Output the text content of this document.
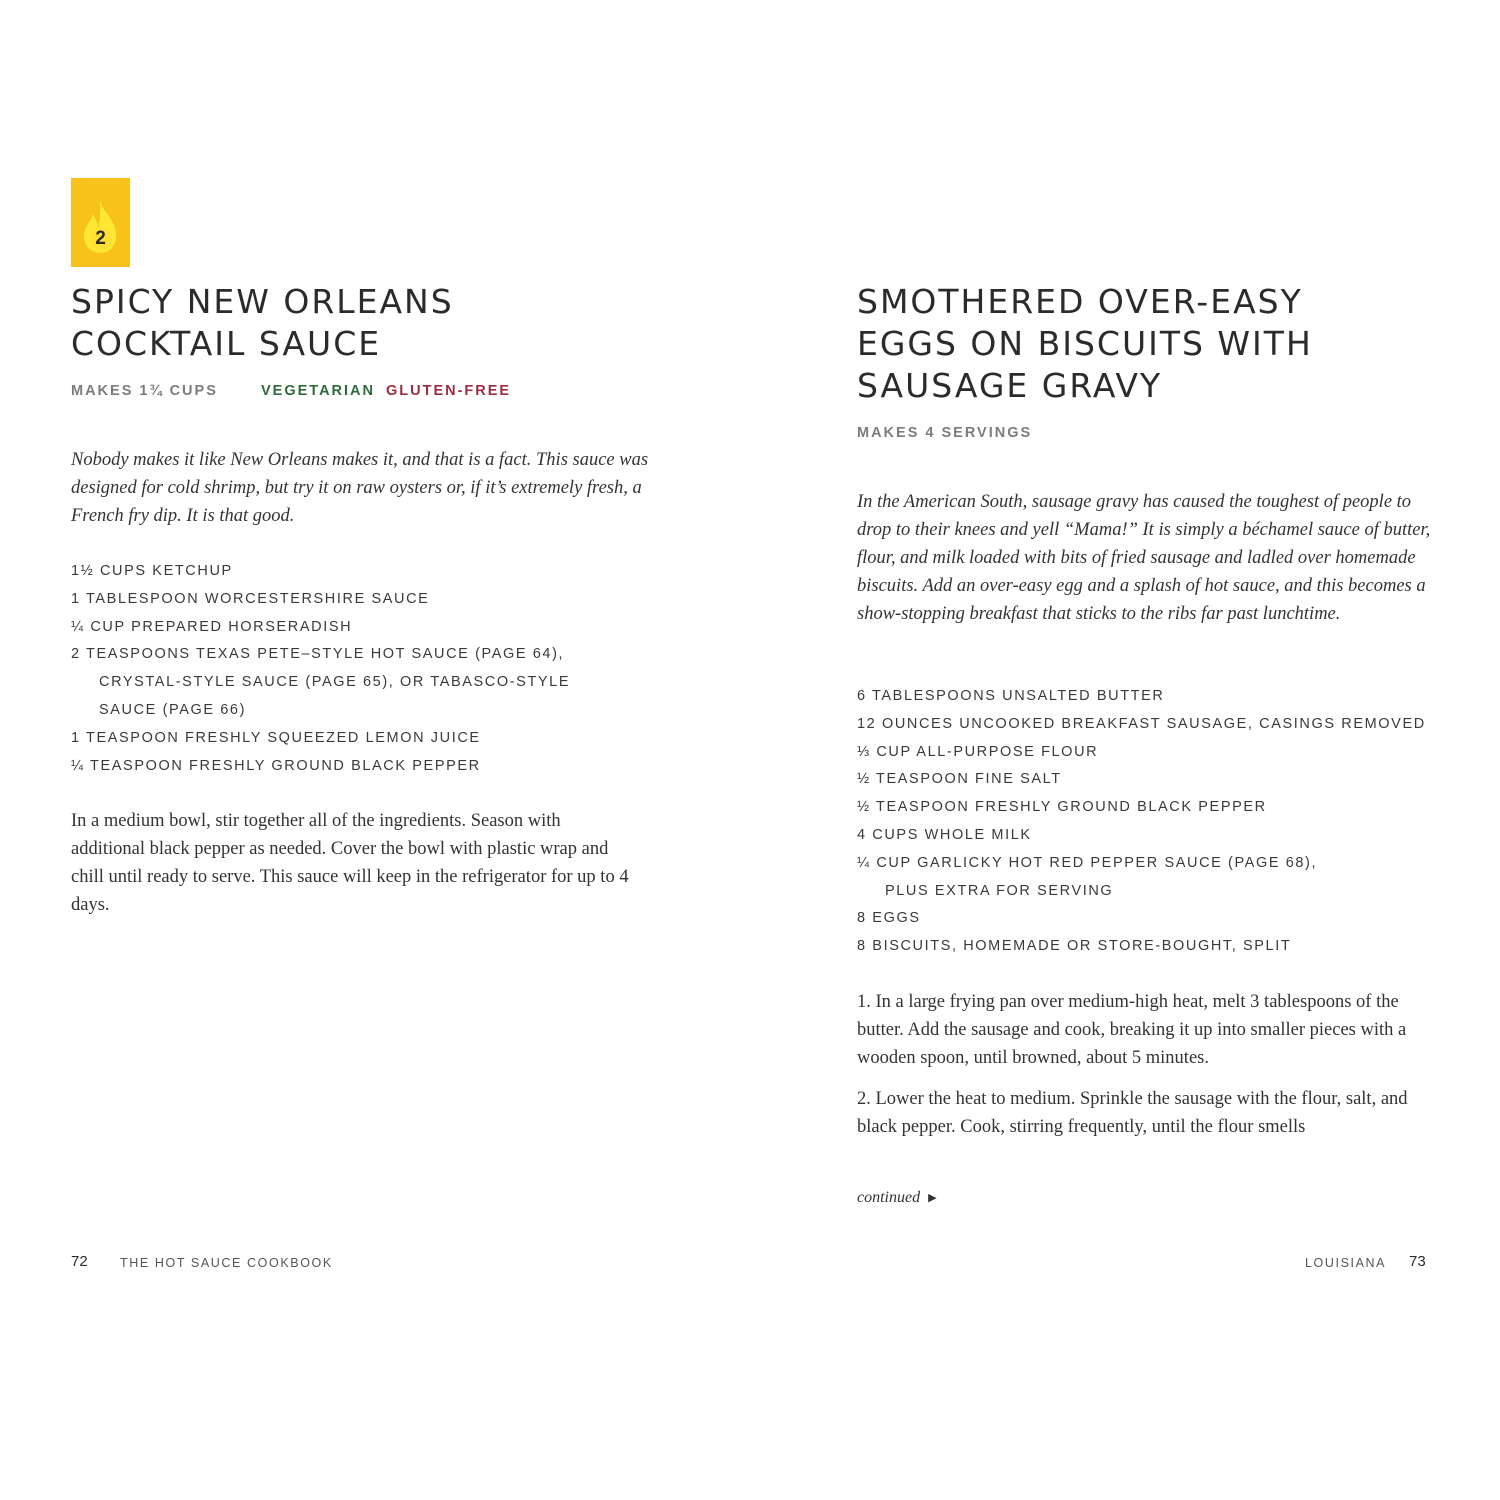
2
SPICY NEW ORLEANS
COCKTAIL SAUCE
MAKES 1¾ CUPS	VEGETARIAN GLUTEN-FREE

Nobody makes it like New Orleans makes it, and that is a fact. This sauce was designed for cold shrimp, but try it on raw oysters or, if it’s extremely fresh, a French fry dip. It is that good.

1½ CUPS KETCHUP
1 TABLESPOON WORCESTERSHIRE SAUCE
¼ CUP PREPARED HORSERADISH
2 TEASPOONS TEXAS PETE–STYLE HOT SAUCE (PAGE 64),
CRYSTAL-STYLE SAUCE (PAGE 65), OR TABASCO-STYLE
SAUCE (PAGE 66)
1 TEASPOON FRESHLY SQUEEZED LEMON JUICE
¼ TEASPOON FRESHLY GROUND BLACK PEPPER

In a medium bowl, stir together all of the ingredients. Season with additional black pepper as needed. Cover the bowl with plastic wrap and chill until ready to serve. This sauce will keep in the refrigerator for up to 4 days.

72	THE HOT SAUCE COOKBOOK
SMOTHERED OVER-EASY
EGGS ON BISCUITS WITH
SAUSAGE GRAVY
MAKES 4 SERVINGS

In the American South, sausage gravy has caused the toughest of people to drop to their knees and yell “Mama!” It is simply a béchamel sauce of butter, flour, and milk loaded with bits of fried sausage and ladled over homemade biscuits. Add an over-easy egg and a splash of hot sauce, and this becomes a show-stopping breakfast that sticks to the ribs far past lunchtime.

6 TABLESPOONS UNSALTED BUTTER
12 OUNCES UNCOOKED BREAKFAST SAUSAGE, CASINGS REMOVED
⅓ CUP ALL-PURPOSE FLOUR
½ TEASPOON FINE SALT
½ TEASPOON FRESHLY GROUND BLACK PEPPER
4 CUPS WHOLE MILK
¼ CUP GARLICKY HOT RED PEPPER SAUCE (PAGE 68),
PLUS EXTRA FOR SERVING
8 EGGS
8 BISCUITS, HOMEMADE OR STORE-BOUGHT, SPLIT

1. In a large frying pan over medium-high heat, melt 3 tablespoons of the butter. Add the sausage and cook, breaking it up into smaller pieces with a wooden spoon, until browned, about 5 minutes.

2. Lower the heat to medium. Sprinkle the sausage with the flour, salt, and black pepper. Cook, stirring frequently, until the flour smells

continued ▶
LOUISIANA 73
